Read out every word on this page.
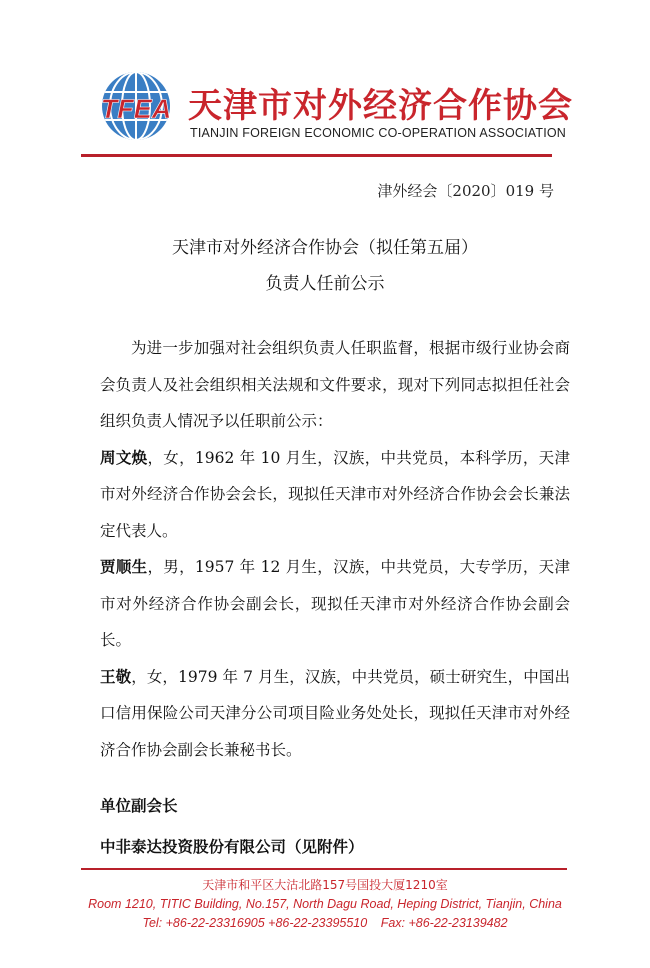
TFEA 天津市对外经济合作协会
TIANJIN FOREIGN ECONOMIC CO-OPERATION ASSOCIATION
津外经会〔2020〕019 号
天津市对外经济合作协会（拟任第五届）
负责人任前公示

为进一步加强对社会组织负责人任职监督，根据市级行业协会商会负责人及社会组织相关法规和文件要求，现对下列同志拟担任社会组织负责人情况予以任职前公示：

周文焕，女，1962 年 10 月生，汉族，中共党员，本科学历，天津市对外经济合作协会会长，现拟任天津市对外经济合作协会会长兼法定代表人。

贾顺生，男，1957 年 12 月生，汉族，中共党员，大专学历，天津市对外经济合作协会副会长，现拟任天津市对外经济合作协会副会长。

王敬，女，1979 年 7 月生，汉族，中共党员，硕士研究生，中国出口信用保险公司天津分公司项目险业务处处长，现拟任天津市对外经济合作协会副会长兼秘书长。

单位副会长
中非泰达投资股份有限公司（见附件）
天津市和平区大沽北路157号国投大厦1210室
Room 1210, TITIC Building, No.157, North Dagu Road, Heping District, Tianjin, China
Tel: +86-22-23316905 +86-22-23395510 Fax: +86-22-23139482
